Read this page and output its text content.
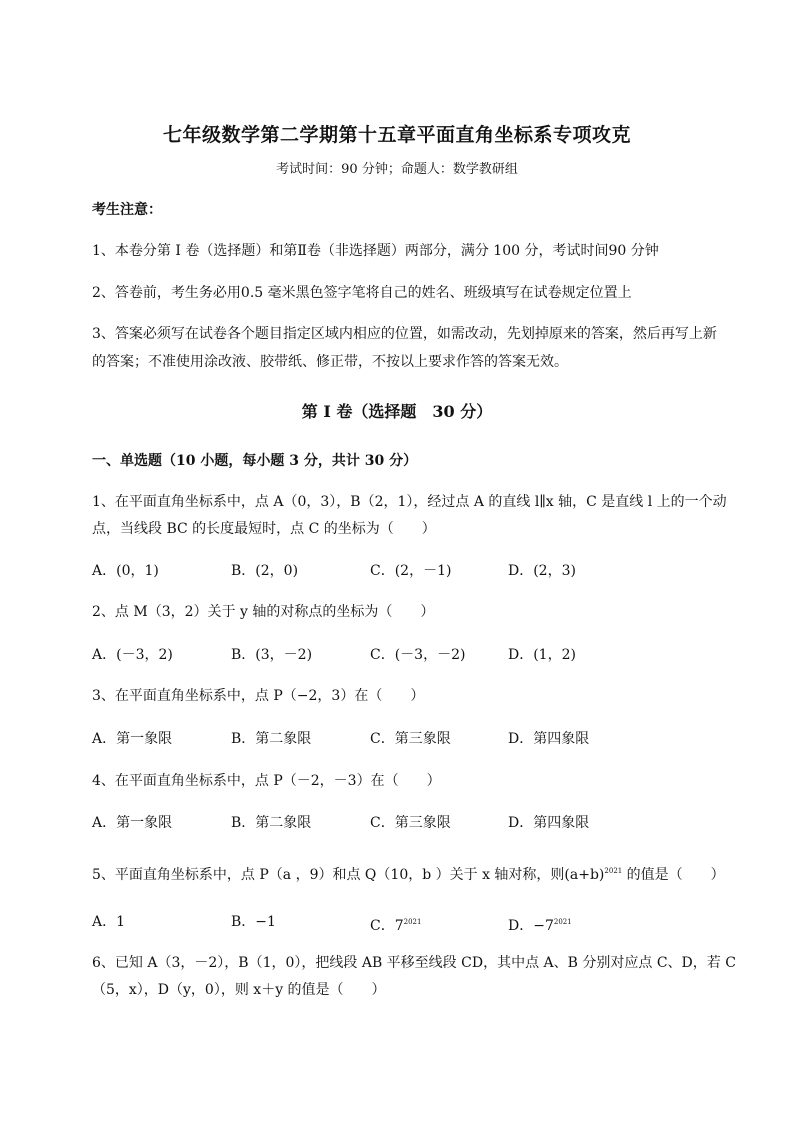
七年级数学第二学期第十五章平面直角坐标系专项攻克
考试时间：90 分钟；命题人：数学教研组
考生注意：
1、本卷分第 I 卷（选择题）和第Ⅱ卷（非选择题）两部分，满分 100 分，考试时间90 分钟
2、答卷前，考生务必用0.5 毫米黑色签字笔将自己的姓名、班级填写在试卷规定位置上
3、答案必须写在试卷各个题目指定区域内相应的位置，如需改动，先划掉原来的答案，然后再写上新
的答案；不准使用涂改液、胶带纸、修正带，不按以上要求作答的答案无效。
第 I 卷（选择题　30 分）
一、单选题（10 小题，每小题 3 分，共计 30 分）
1、在平面直角坐标系中，点 A（0，3），B（2，1），经过点 A 的直线 l∥x 轴，C 是直线 l 上的一个动
点，当线段 BC 的长度最短时，点 C 的坐标为（　　）
A．(0，1)	B．(2，0)	C．(2，－1)	D．(2，3)
2、点 M（3，2）关于 y 轴的对称点的坐标为（　　）
A．(－3，2)	B．(3，－2)	C．(－3，－2)	D．(1，2)
3、在平面直角坐标系中，点 P（−2，3）在（　　）
A．第一象限	B．第二象限	C．第三象限	D．第四象限
4、在平面直角坐标系中，点 P（－2，－3）在（　　）
A．第一象限	B．第二象限	C．第三象限	D．第四象限
5、平面直角坐标系中，点 P（a ，9）和点 Q（10，b ）关于 x 轴对称，则$(a+b)^{2021}$ 的值是（　　）
A．1	B．−1	C．$7^{2021}$	D．$-7^{2021}$
6、已知 A（3，－2），B（1，0），把线段 AB 平移至线段 CD，其中点 A、B 分别对应点 C、D，若 C
（5，x），D（y，0），则 x＋y 的值是（　　）
